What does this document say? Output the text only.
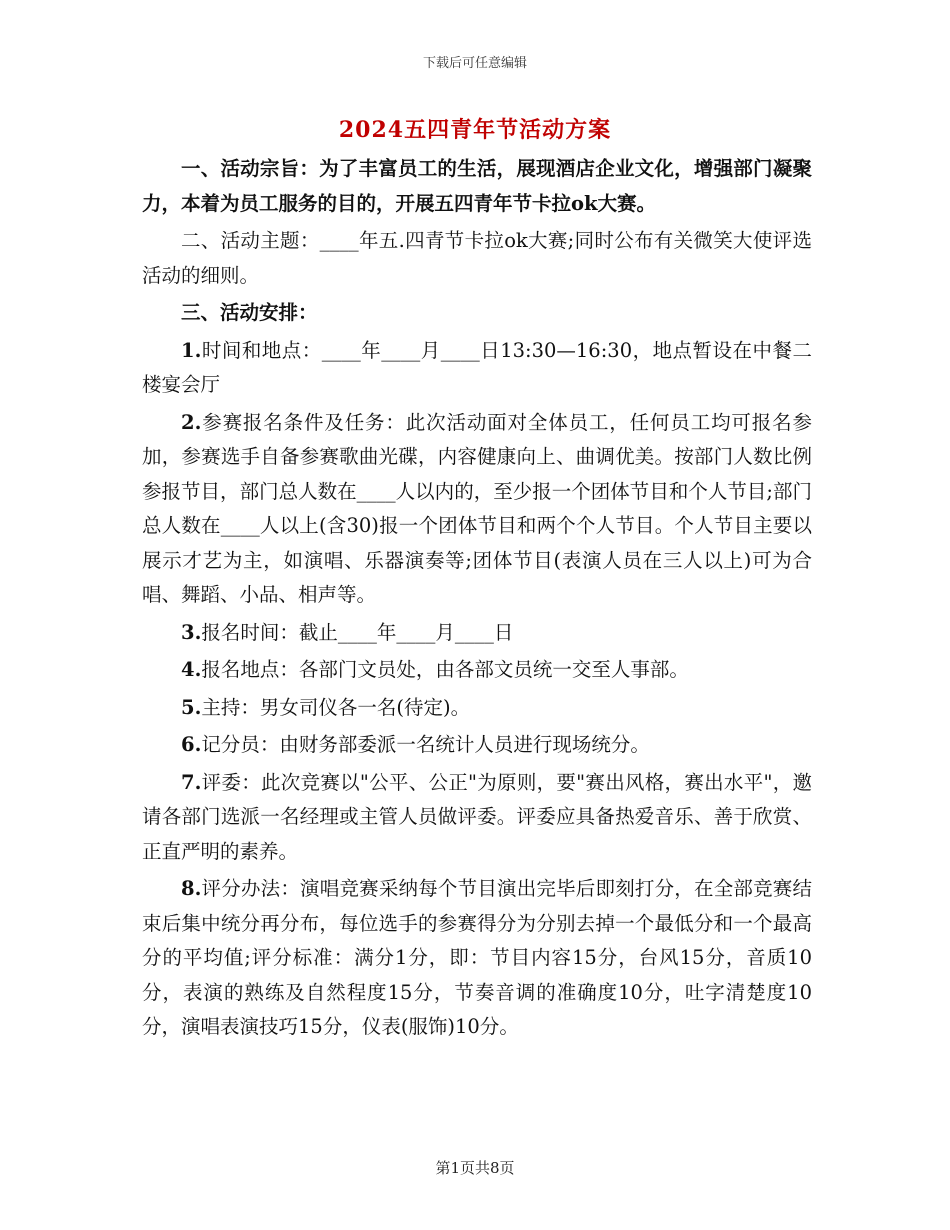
下载后可任意编辑
2024五四青年节活动方案

一、活动宗旨：为了丰富员工的生活，展现酒店企业文化，增强部门凝聚力，本着为员工服务的目的，开展五四青年节卡拉ok大赛。

二、活动主题：____年五.四青节卡拉ok大赛;同时公布有关微笑大使评选活动的细则。

三、活动安排：

1.时间和地点：____年____月____日13:30—16:30，地点暂设在中餐二楼宴会厅

2.参赛报名条件及任务：此次活动面对全体员工，任何员工均可报名参加，参赛选手自备参赛歌曲光碟，内容健康向上、曲调优美。按部门人数比例参报节目，部门总人数在____人以内的，至少报一个团体节目和个人节目;部门总人数在____人以上(含30)报一个团体节目和两个个人节目。个人节目主要以展示才艺为主，如演唱、乐器演奏等;团体节目(表演人员在三人以上)可为合唱、舞蹈、小品、相声等。

3.报名时间：截止____年____月____日

4.报名地点：各部门文员处，由各部文员统一交至人事部。

5.主持：男女司仪各一名(待定)。

6.记分员：由财务部委派一名统计人员进行现场统分。

7.评委：此次竞赛以"公平、公正"为原则，要"赛出风格，赛出水平"，邀请各部门选派一名经理或主管人员做评委。评委应具备热爱音乐、善于欣赏、正直严明的素养。

8.评分办法：演唱竞赛采纳每个节目演出完毕后即刻打分，在全部竞赛结束后集中统分再分布，每位选手的参赛得分为分别去掉一个最低分和一个最高分的平均值;评分标准：满分1分，即：节目内容15分，台风15分，音质10分，表演的熟练及自然程度15分，节奏音调的准确度10分，吐字清楚度10分，演唱表演技巧15分，仪表(服饰)10分。

第1页共8页
